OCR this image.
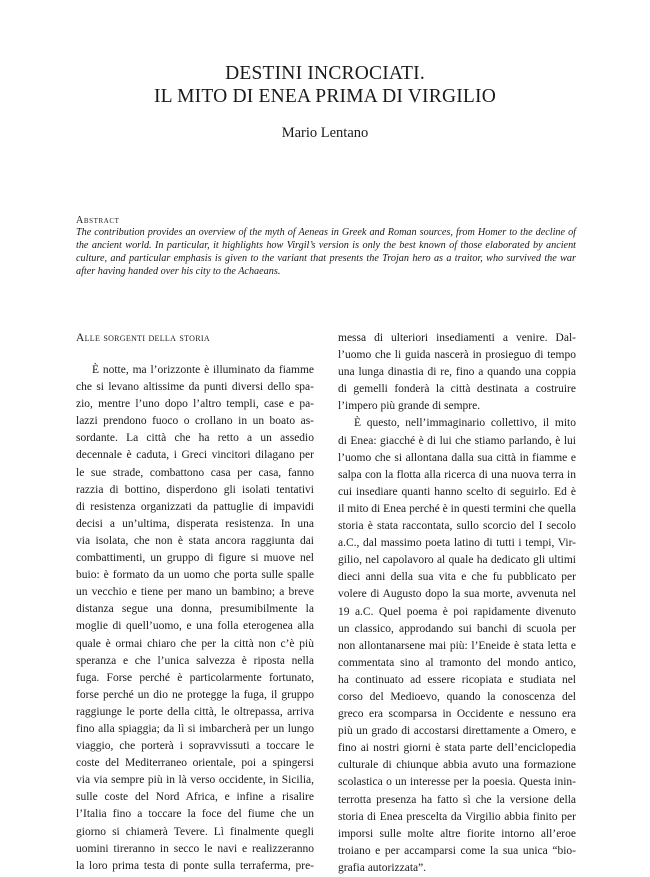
DESTINI INCROCIATI.
IL MITO DI ENEA PRIMA DI VIRGILIO
Mario Lentano
Abstract
The contribution provides an overview of the myth of Aeneas in Greek and Roman sources, from Homer to the decline of
the ancient world. In particular, it highlights how Virgil’s version is only the best known of those elaborated by ancient
culture, and particular emphasis is given to the variant that presents the Trojan hero as a traitor, who survived the war
after having handed over his city to the Achaeans.
Alle sorgenti della storia
È notte, ma l’orizzonte è illuminato da fiamme
che si levano altissime da punti diversi dello spa-
zio, mentre l’uno dopo l’altro templi, case e pa-
lazzi prendono fuoco o crollano in un boato as-
sordante. La città che ha retto a un assedio
decennale è caduta, i Greci vincitori dilagano per
le sue strade, combattono casa per casa, fanno
razzia di bottino, disperdono gli isolati tentativi
di resistenza organizzati da pattuglie di impavidi
decisi a un’ultima, disperata resistenza. In una
via isolata, che non è stata ancora raggiunta dai
combattimenti, un gruppo di figure si muove nel
buio: è formato da un uomo che porta sulle spalle
un vecchio e tiene per mano un bambino; a breve
distanza segue una donna, presumibilmente la
moglie di quell’uomo, e una folla eterogenea alla
quale è ormai chiaro che per la città non c’è più
speranza e che l’unica salvezza è riposta nella
fuga. Forse perché è particolarmente fortunato,
forse perché un dio ne protegge la fuga, il gruppo
raggiunge le porte della città, le oltrepassa, arriva
fino alla spiaggia; da lì si imbarcherà per un lungo
viaggio, che porterà i sopravvissuti a toccare le
coste del Mediterraneo orientale, poi a spingersi
via via sempre più in là verso occidente, in Sicilia,
sulle coste del Nord Africa, e infine a risalire
l’Italia fino a toccare la foce del fiume che un
giorno si chiamerà Tevere. Lì finalmente quegli
uomini tireranno in secco le navi e realizzeranno
la loro prima testa di ponte sulla terraferma, pre-
messa di ulteriori insediamenti a venire. Dal-
l’uomo che li guida nascerà in prosieguo di tempo
una lunga dinastia di re, fino a quando una coppia
di gemelli fonderà la città destinata a costruire
l’impero più grande di sempre.
È questo, nell’immaginario collettivo, il mito
di Enea: giacché è di lui che stiamo parlando, è lui
l’uomo che si allontana dalla sua città in fiamme e
salpa con la flotta alla ricerca di una nuova terra in
cui insediare quanti hanno scelto di seguirlo. Ed è
il mito di Enea perché è in questi termini che quella
storia è stata raccontata, sullo scorcio del I secolo
a.C., dal massimo poeta latino di tutti i tempi, Vir-
gilio, nel capolavoro al quale ha dedicato gli ultimi
dieci anni della sua vita e che fu pubblicato per
volere di Augusto dopo la sua morte, avvenuta nel
19 a.C. Quel poema è poi rapidamente divenuto
un classico, approdando sui banchi di scuola per
non allontanarsene mai più: l’Eneide è stata letta e
commentata sino al tramonto del mondo antico,
ha continuato ad essere ricopiata e studiata nel
corso del Medioevo, quando la conoscenza del
greco era scomparsa in Occidente e nessuno era
più un grado di accostarsi direttamente a Omero, e
fino ai nostri giorni è stata parte dell’enciclopedia
culturale di chiunque abbia avuto una formazione
scolastica o un interesse per la poesia. Questa inin-
terrotta presenza ha fatto sì che la versione della
storia di Enea prescelta da Virgilio abbia finito per
imporsi sulle molte altre fiorite intorno all’eroe
troiano e per accamparsi come la sua unica “bio-
grafia autorizzata”.
